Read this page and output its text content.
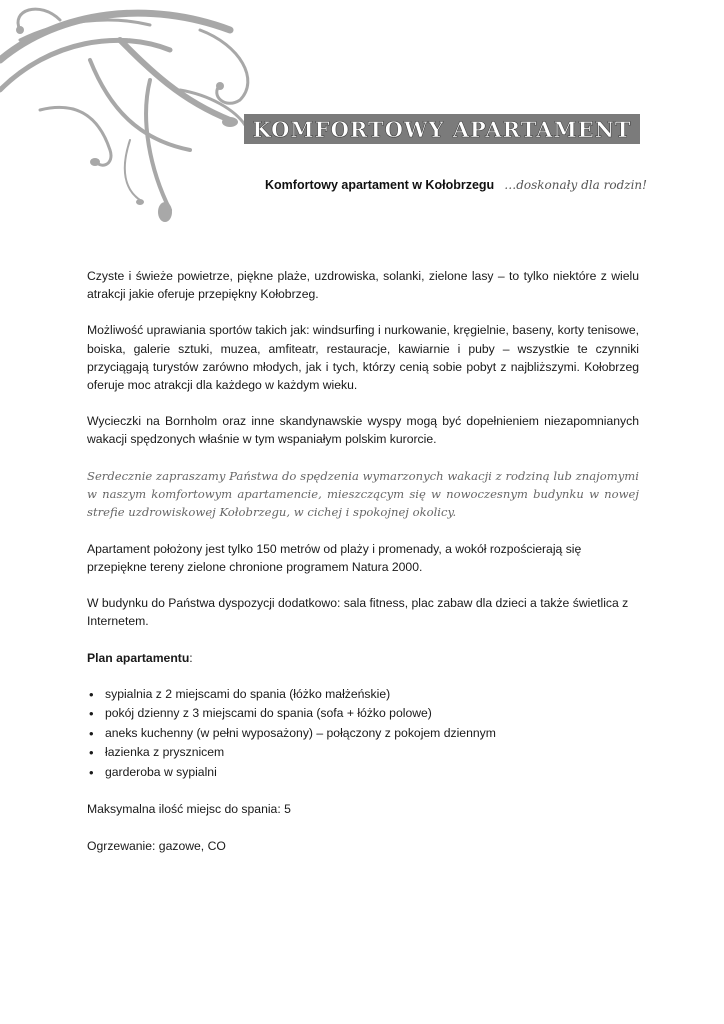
KOMFORTOWY APARTAMENT
Komfortowy apartament w Kołobrzegu …doskonały dla rodzin!

Czyste i świeże powietrze, piękne plaże, uzdrowiska, solanki, zielone lasy – to tylko niektóre z wielu atrakcji jakie oferuje przepiękny Kołobrzeg.

Możliwość uprawiania sportów takich jak: windsurfing i nurkowanie, kręgielnie, baseny, korty tenisowe, boiska, galerie sztuki, muzea, amfiteatr, restauracje, kawiarnie i puby – wszystkie te czynniki przyciągają turystów zarówno młodych, jak i tych, którzy cenią sobie pobyt z najbliższymi. Kołobrzeg oferuje moc atrakcji dla każdego w każdym wieku.

Wycieczki na Bornholm oraz inne skandynawskie wyspy mogą być dopełnieniem niezapomnianych wakacji spędzonych właśnie w tym wspaniałym polskim kurorcie.

Serdecznie zapraszamy Państwa do spędzenia wymarzonych wakacji z rodziną lub znajomymi w naszym komfortowym apartamencie, mieszczącym się w nowoczesnym budynku w nowej strefie uzdrowiskowej Kołobrzegu, w cichej i spokojnej okolicy.

Apartament położony jest tylko 150 metrów od plaży i promenady, a wokół rozpościerają się przepiękne tereny zielone chronione programem Natura 2000.

W budynku do Państwa dyspozycji dodatkowo: sala fitness, plac zabaw dla dzieci a także świetlica z Internetem.

Plan apartamentu:

• sypialnia z 2 miejscami do spania (łóżko małżeńskie)
• pokój dzienny z 3 miejscami do spania (sofa + łóżko polowe)
• aneks kuchenny (w pełni wyposażony) – połączony z pokojem dziennym
• łazienka z prysznicem
• garderoba w sypialni

Maksymalna ilość miejsc do spania: 5

Ogrzewanie: gazowe, CO
